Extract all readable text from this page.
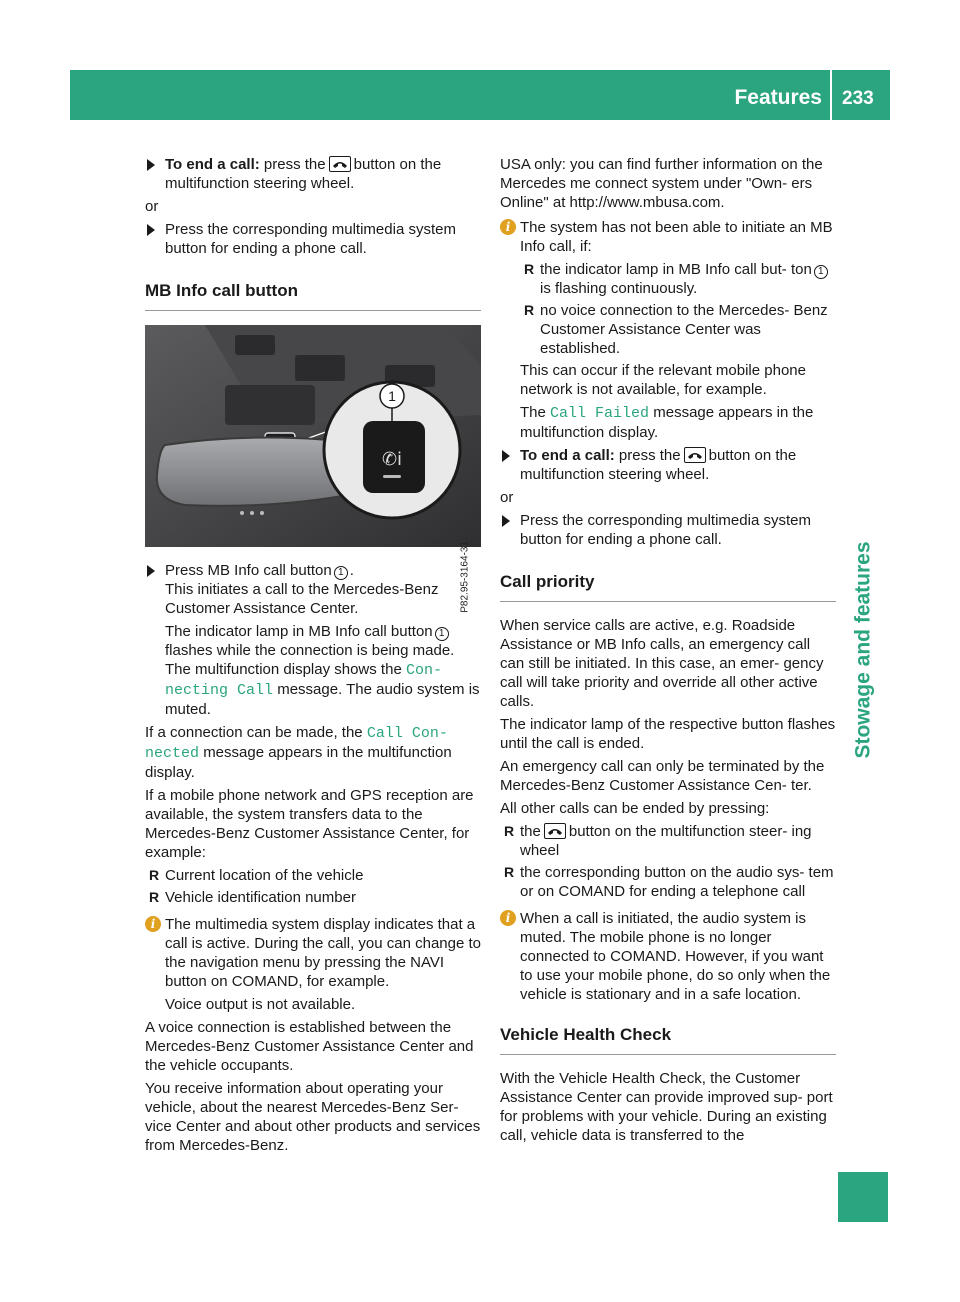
Features 233
Stowage and features
To end a call: press the button on the multifunction steering wheel.

or

Press the corresponding multimedia system button for ending a phone call.
MB Info call button
1
✆i
P82.95-3164-31
Press MB Info call button 1 .
This initiates a call to the Mercedes-Benz Customer Assistance Center.

The indicator lamp in MB Info call button 1 flashes while the connection is being made. The multifunction display shows the Con‐ necting Call message. The audio system is muted.

If a connection can be made, the Call Con‐ nected message appears in the multifunction display.

If a mobile phone network and GPS reception are available, the system transfers data to the Mercedes-Benz Customer Assistance Center, for example:

R Current location of the vehicle
R Vehicle identification number
i The multimedia system display indicates that a call is active. During the call, you can change to the navigation menu by pressing the NAVI button on COMAND, for example.

Voice output is not available.

A voice connection is established between the Mercedes-Benz Customer Assistance Center and the vehicle occupants.

You receive information about operating your vehicle, about the nearest Mercedes-Benz Ser- vice Center and about other products and services from Mercedes-Benz.

USA only: you can find further information on the Mercedes me connect system under "Own- ers Online" at http://www.mbusa.com.

i The system has not been able to initiate an MB Info call, if:
R the indicator lamp in MB Info call but- ton 1is flashing continuously.
R no voice connection to the Mercedes- Benz Customer Assistance Center was established.

This can occur if the relevant mobile phone network is not available, for example.

The Call Failed message appears in the multifunction display.

To end a call: press the button on the multifunction steering wheel.

or

Press the corresponding multimedia system button for ending a phone call.
Call priority

When service calls are active, e.g. Roadside Assistance or MB Info calls, an emergency call can still be initiated. In this case, an emer- gency call will take priority and override all other active calls.

The indicator lamp of the respective button flashes until the call is ended.

An emergency call can only be terminated by the Mercedes-Benz Customer Assistance Cen- ter.

All other calls can be ended by pressing:

R the button on the multifunction steer- ing wheel
R the corresponding button on the audio sys- tem or on COMAND for ending a telephone call
i When a call is initiated, the audio system is muted. The mobile phone is no longer connected to COMAND. However, if you want to use your mobile phone, do so only when the vehicle is stationary and in a safe location.
Vehicle Health Check

With the Vehicle Health Check, the Customer Assistance Center can provide improved sup- port for problems with your vehicle. During an existing call, vehicle data is transferred to the
